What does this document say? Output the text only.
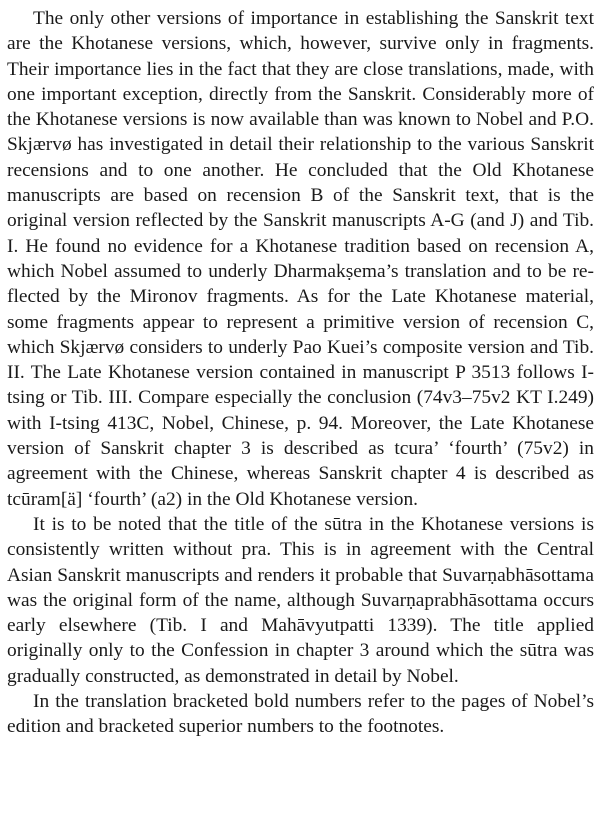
The only other versions of importance in establishing the Sanskrit text are the Khotanese versions, which, however, survive only in fragments. Their importance lies in the fact that they are close translations, made, with one important exception, directly from the Sanskrit. Considerably more of the Khotanese versions is now available than was known to Nobel and P.O. Skjærvø has investigated in detail their relationship to the various Sanskrit recensions and to one another. He concluded that the Old Khotanese manuscripts are based on recension B of the Sanskrit text, that is the original version reflected by the Sanskrit manuscripts A-G (and J) and Tib. I. He found no evidence for a Khotanese tradition based on recension A, which Nobel assumed to underly Dharmakṣema’s translation and to be reflected by the Mironov fragments. As for the Late Khotanese material, some fragments appear to represent a primitive version of recension C, which Skjærvø considers to underly Pao Kuei’s composite version and Tib. II. The Late Khotanese version contained in manuscript P 3513 follows I-tsing or Tib. III. Compare especially the conclusion (74v3–75v2 KT I.249) with I-tsing 413C, Nobel, Chinese, p. 94. Moreover, the Late Khotanese version of Sanskrit chapter 3 is described as tcura’ ‘fourth’ (75v2) in agreement with the Chinese, whereas Sanskrit chapter 4 is described as tcūram[ä] ‘fourth’ (a2) in the Old Khotanese version.

It is to be noted that the title of the sūtra in the Khotanese versions is consistently written without pra. This is in agreement with the Central Asian Sanskrit manuscripts and renders it probable that Suvarṇabhāsottama was the original form of the name, although Suvarṇaprabhāsottama occurs early elsewhere (Tib. I and Mahāvyutpatti 1339). The title applied originally only to the Confession in chapter 3 around which the sūtra was gradually constructed, as demonstrated in detail by Nobel.

In the translation bracketed bold numbers refer to the pages of Nobel’s edition and bracketed superior numbers to the footnotes.
